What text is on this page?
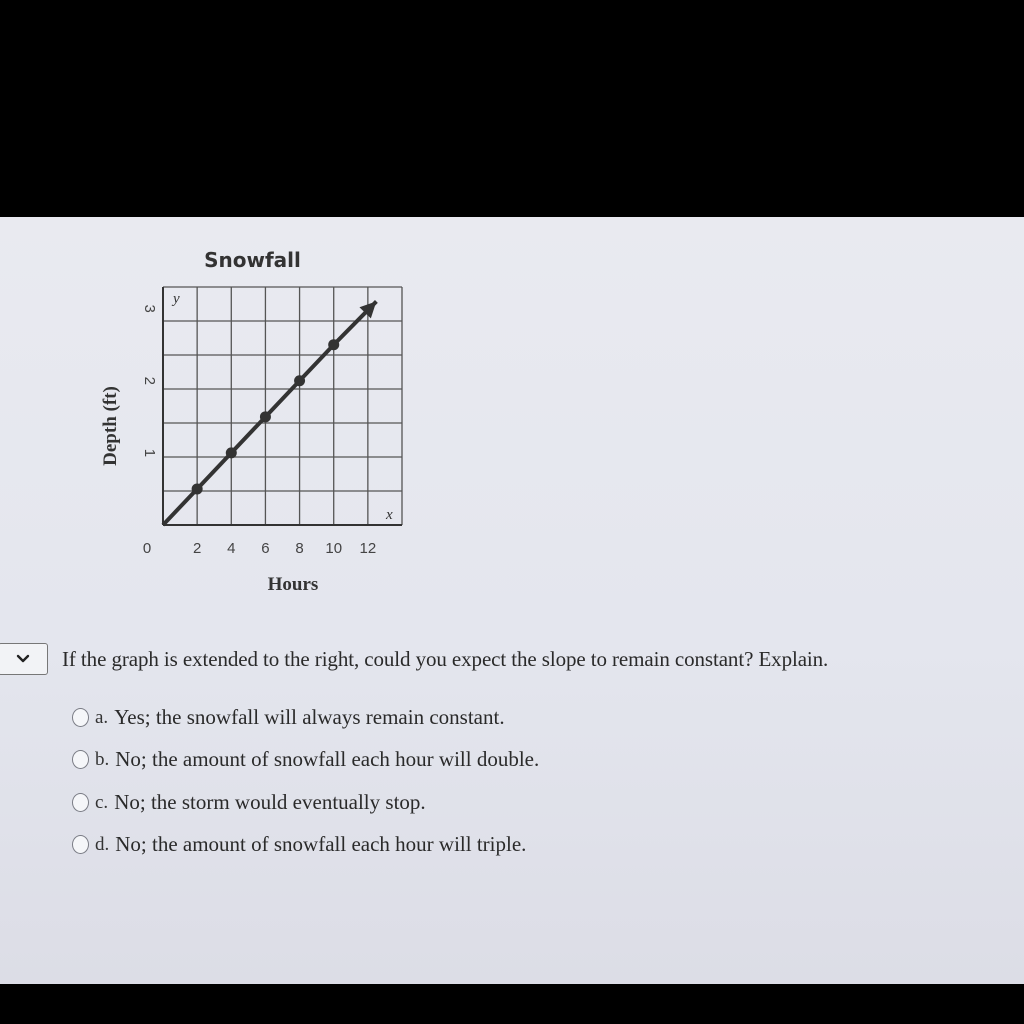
Snowfall
y
x
0	2 4 6 8 10 12
1
2
3
Hours
Depth (ft)
If the graph is extended to the right, could you expect the slope to remain constant? Explain.
a. Yes; the snowfall will always remain constant.
b. No; the amount of snowfall each hour will double.
c. No; the storm would eventually stop.
d. No; the amount of snowfall each hour will triple.
